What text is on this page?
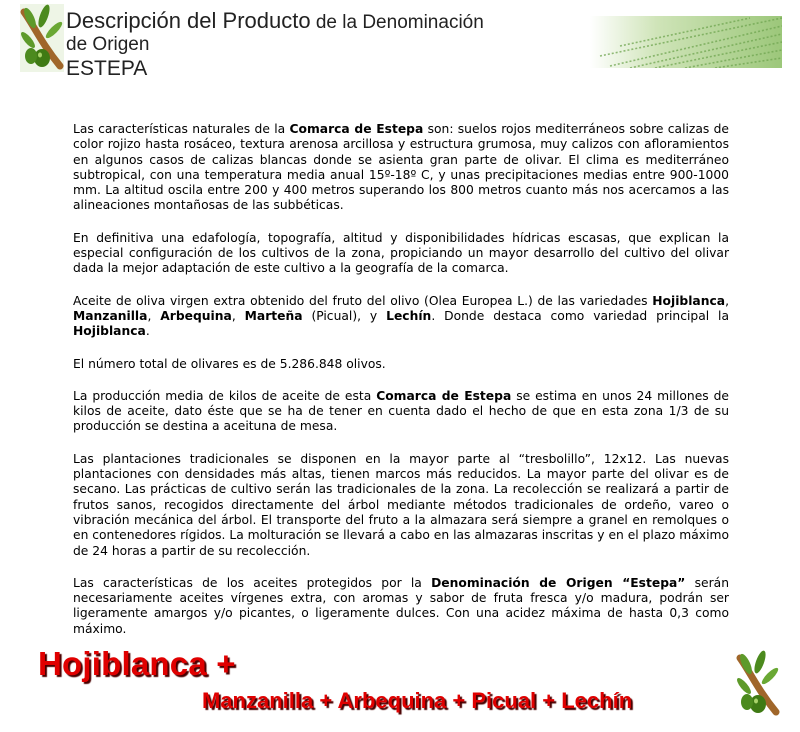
Descripción del Producto de la Denominación
de Origen
ESTEPA

Las características naturales de la Comarca de Estepa son: suelos rojos mediterráneos sobre calizas de color rojizo hasta rosáceo, textura arenosa arcillosa y estructura grumosa, muy calizos con afloramientos en algunos casos de calizas blancas donde se asienta gran parte de olivar. El clima es mediterráneo subtropical, con una temperatura media anual 15º-18º C, y unas precipitaciones medias entre 900-1000 mm. La altitud oscila entre 200 y 400 metros superando los 800 metros cuanto más nos acercamos a las alineaciones montañosas de las subbéticas.

En definitiva una edafología, topografía, altitud y disponibilidades hídricas escasas, que explican la especial configuración de los cultivos de la zona, propiciando un mayor desarrollo del cultivo del olivar dada la mejor adaptación de este cultivo a la geografía de la comarca.

Aceite de oliva virgen extra obtenido del fruto del olivo (Olea Europea L.) de las variedades Hojiblanca, Manzanilla, Arbequina, Marteña (Picual), y Lechín. Donde destaca como variedad principal la Hojiblanca.

El número total de olivares es de 5.286.848 olivos.

La producción media de kilos de aceite de esta Comarca de Estepa se estima en unos 24 millones de kilos de aceite, dato éste que se ha de tener en cuenta dado el hecho de que en esta zona 1/3 de su producción se destina a aceituna de mesa.

Las plantaciones tradicionales se disponen en la mayor parte al “tresbolillo”, 12x12. Las nuevas plantaciones con densidades más altas, tienen marcos más reducidos. La mayor parte del olivar es de secano. Las prácticas de cultivo serán las tradicionales de la zona. La recolección se realizará a partir de frutos sanos, recogidos directamente del árbol mediante métodos tradicionales de ordeño, vareo o vibración mecánica del árbol. El transporte del fruto a la almazara será siempre a granel en remolques o en contenedores rígidos. La molturación se llevará a cabo en las almazaras inscritas y en el plazo máximo de 24 horas a partir de su recolección.

Las características de los aceites protegidos por la Denominación de Origen “Estepa” serán necesariamente aceites vírgenes extra, con aromas y sabor de fruta fresca y/o madura, podrán ser ligeramente amargos y/o picantes, o ligeramente dulces. Con una acidez máxima de hasta 0,3 como máximo.

Hojiblanca +
Manzanilla + Arbequina + Picual + Lechín
